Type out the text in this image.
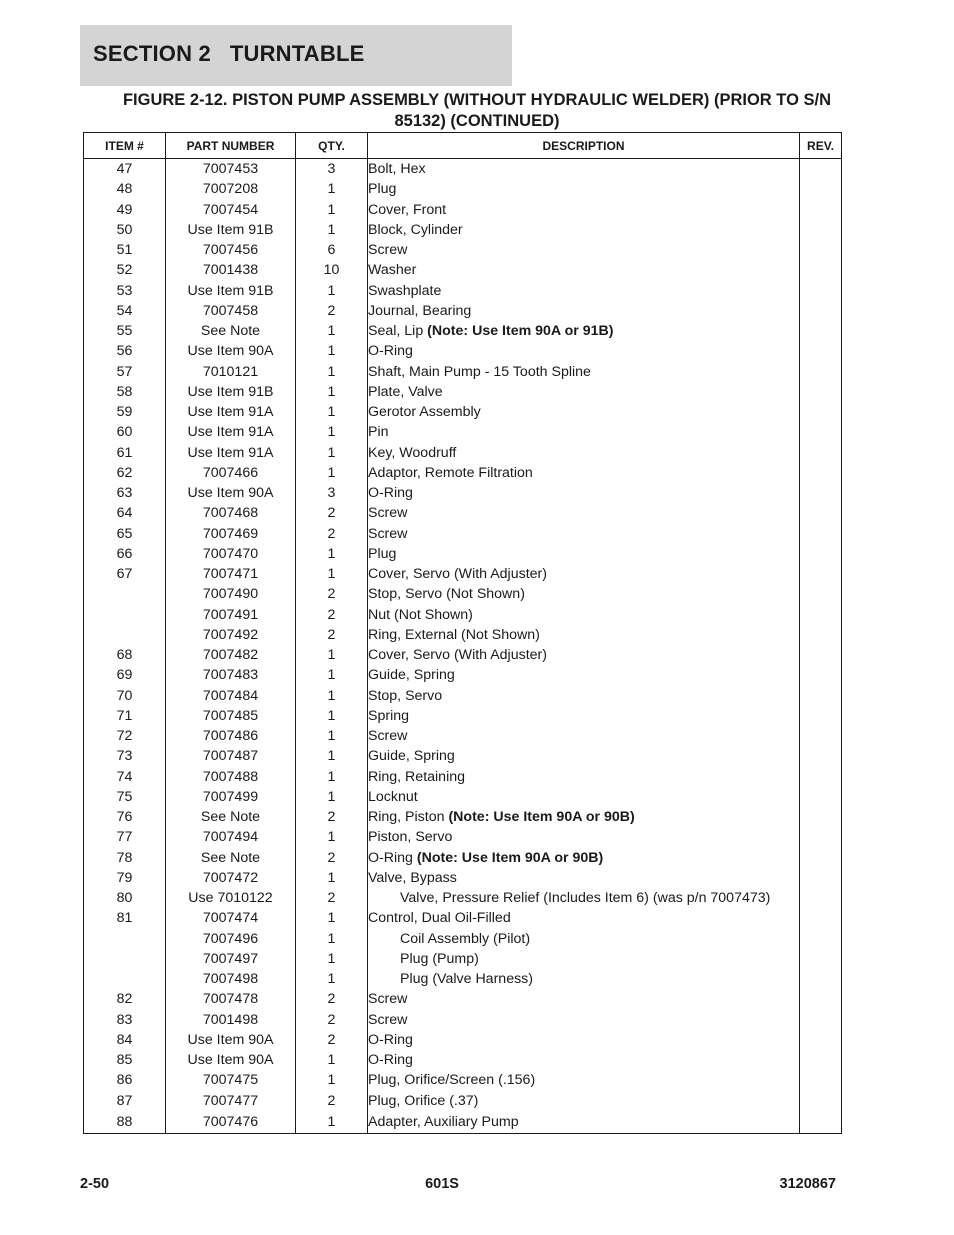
SECTION 2   TURNTABLE
FIGURE 2-12. PISTON PUMP ASSEMBLY (WITHOUT HYDRAULIC WELDER) (PRIOR TO S/N
85132) (CONTINUED)
ITEM #	PART NUMBER	QTY.	DESCRIPTION	REV.
47	7007453	3	Bolt, Hex	
48	7007208	1	Plug	
49	7007454	1	Cover, Front	
50	Use Item 91B	1	Block, Cylinder	
51	7007456	6	Screw	
52	7001438	10	Washer	
53	Use Item 91B	1	Swashplate	
54	7007458	2	Journal, Bearing	
55	See Note	1	Seal, Lip (Note: Use Item 90A or 91B)	
56	Use Item 90A	1	O-Ring	
57	7010121	1	Shaft, Main Pump - 15 Tooth Spline	
58	Use Item 91B	1	Plate, Valve	
59	Use Item 91A	1	Gerotor Assembly	
60	Use Item 91A	1	Pin	
61	Use Item 91A	1	Key, Woodruff	
62	7007466	1	Adaptor, Remote Filtration	
63	Use Item 90A	3	O-Ring	
64	7007468	2	Screw	
65	7007469	2	Screw	
66	7007470	1	Plug	
67	7007471	1	Cover, Servo (With Adjuster)	
	7007490	2	Stop, Servo (Not Shown)	
	7007491	2	Nut (Not Shown)	
	7007492	2	Ring, External (Not Shown)	
68	7007482	1	Cover, Servo (With Adjuster)	
69	7007483	1	Guide, Spring	
70	7007484	1	Stop, Servo	
71	7007485	1	Spring	
72	7007486	1	Screw	
73	7007487	1	Guide, Spring	
74	7007488	1	Ring, Retaining	
75	7007499	1	Locknut	
76	See Note	2	Ring, Piston (Note: Use Item 90A or 90B)	
77	7007494	1	Piston, Servo	
78	See Note	2	O-Ring (Note: Use Item 90A or 90B)	
79	7007472	1	Valve, Bypass	
80	Use 7010122	2	Valve, Pressure Relief (Includes Item 6) (was p/n 7007473)	
81	7007474	1	Control, Dual Oil-Filled	
	7007496	1	Coil Assembly (Pilot)	
	7007497	1	Plug (Pump)	
	7007498	1	Plug (Valve Harness)	
82	7007478	2	Screw	
83	7001498	2	Screw	
84	Use Item 90A	2	O-Ring	
85	Use Item 90A	1	O-Ring	
86	7007475	1	Plug, Orifice/Screen (.156)	
87	7007477	2	Plug, Orifice (.37)	
88	7007476	1	Adapter, Auxiliary Pump	
2-50	601S	3120867
